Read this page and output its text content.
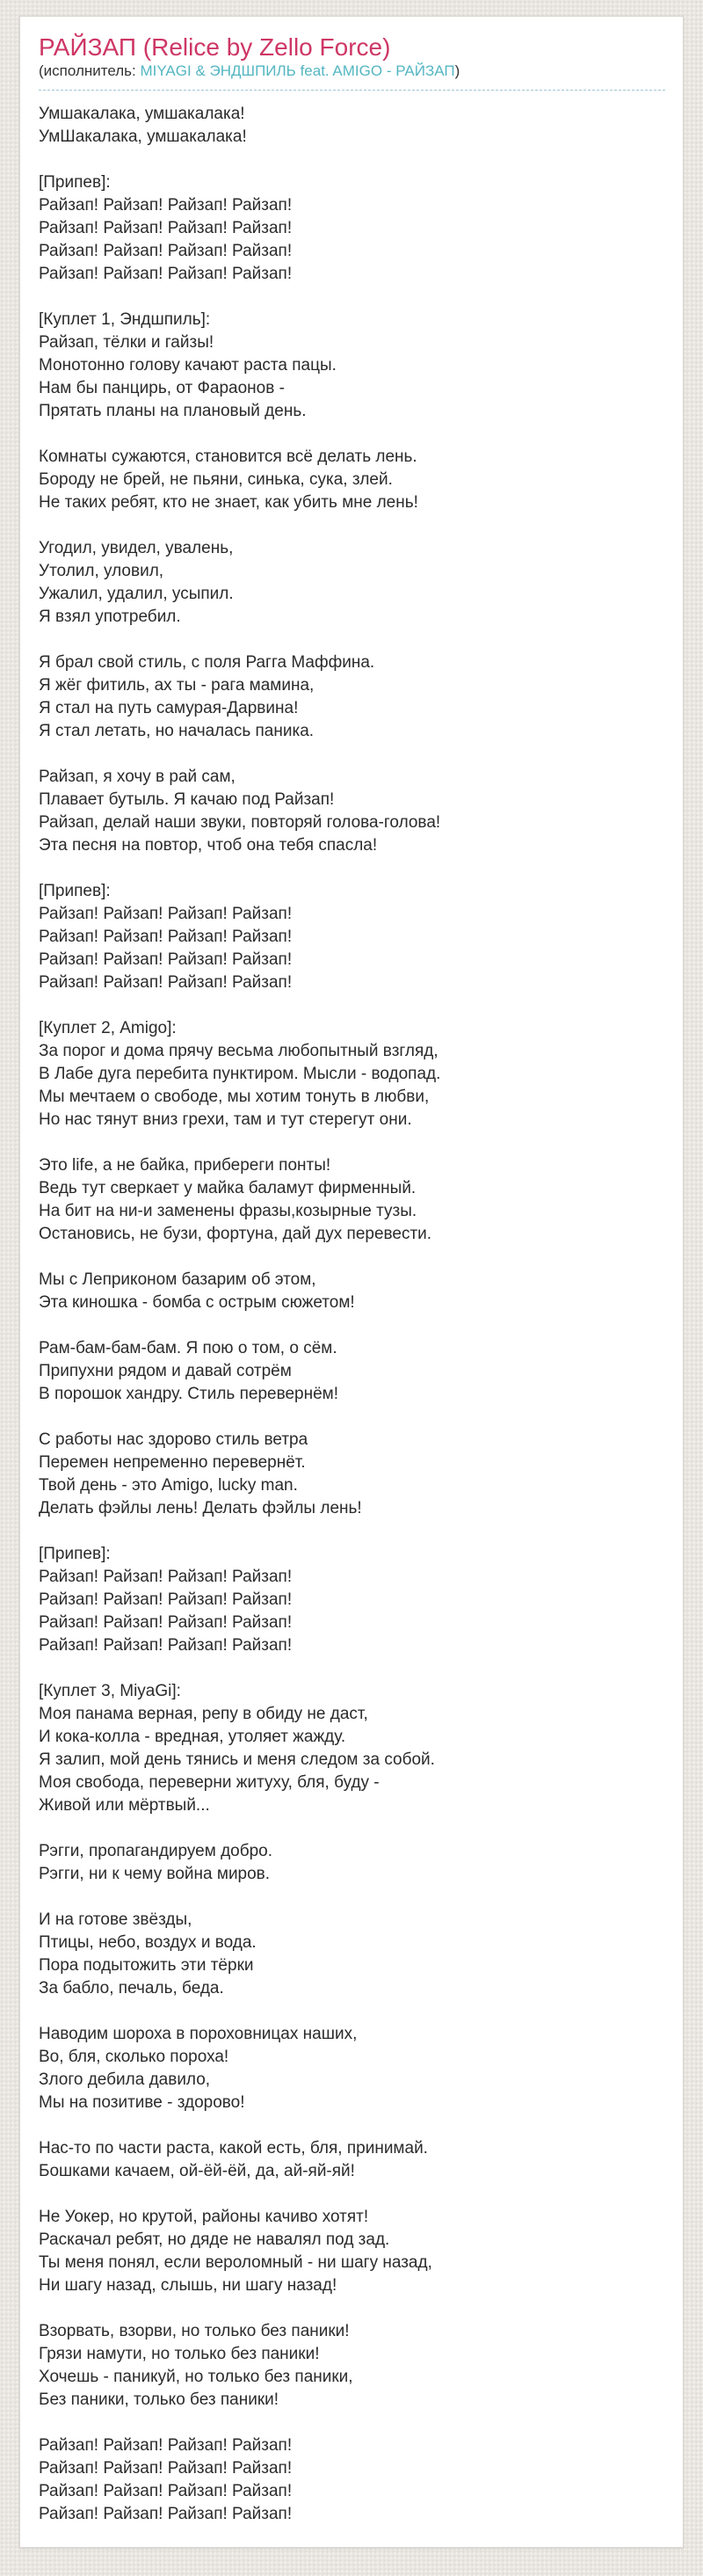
РАЙЗАП (Relice by Zello Force)

(исполнитель: MIYAGI & ЭНДШПИЛЬ feat. AMIGO - РАЙЗАП)

Умшакалака, умшакалака!
УмШакалака, умшакалака!
[Припев]:
Райзап! Райзап! Райзап! Райзап!
Райзап! Райзап! Райзап! Райзап!
Райзап! Райзап! Райзап! Райзап!
Райзап! Райзап! Райзап! Райзап!
[Куплет 1, Эндшпиль]:
Райзап, тёлки и гайзы!
Монотонно голову качают раста пацы.
Нам бы панцирь, от Фараонов -
Прятать планы на плановый день.
Комнаты сужаются, становится всё делать лень.
Бороду не брей, не пьяни, синька, сука, злей.
Не таких ребят, кто не знает, как убить мне лень!
Угодил, увидел, увалень,
Утолил, уловил,
Ужалил, удалил, усыпил.
Я взял употребил.
Я брал свой стиль, с поля Рагга Маффина.
Я жёг фитиль, ах ты - рага мамина,
Я стал на путь самурая-Дарвина!
Я стал летать, но началась паника.
Райзап, я хочу в рай сам,
Плавает бутыль. Я качаю под Райзап!
Райзап, делай наши звуки, повторяй голова-голова!
Эта песня на повтор, чтоб она тебя спасла!
[Припев]:
Райзап! Райзап! Райзап! Райзап!
Райзап! Райзап! Райзап! Райзап!
Райзап! Райзап! Райзап! Райзап!
Райзап! Райзап! Райзап! Райзап!
[Куплет 2, Amigo]:
За порог и дома прячу весьма любопытный взгляд,
В Лабе дуга перебита пунктиром. Мысли - водопад.
Мы мечтаем о свободе, мы хотим тонуть в любви,
Но нас тянут вниз грехи, там и тут стерегут они.
Это life, а не байка, прибереги понты!
Ведь тут сверкает у майка баламут фирменный.
На бит на ни-и заменены фразы,козырные тузы.
Остановись, не бузи, фортуна, дай дух перевести.
Мы с Леприконом базарим об этом,
Эта киношка - бомба с острым сюжетом!
Рам-бам-бам-бам. Я пою о том, о сём.
Припухни рядом и давай сотрём
В порошок хандру. Стиль перевернём!
С работы нас здорово стиль ветра
Перемен непременно перевернёт.
Твой день - это Amigo, lucky man.
Делать фэйлы лень! Делать фэйлы лень!
[Припев]:
Райзап! Райзап! Райзап! Райзап!
Райзап! Райзап! Райзап! Райзап!
Райзап! Райзап! Райзап! Райзап!
Райзап! Райзап! Райзап! Райзап!
[Куплет 3, MiyaGi]:
Моя панама верная, репу в обиду не даст,
И кока-колла - вредная, утоляет жажду.
Я залип, мой день тянись и меня следом за собой.
Моя свобода, переверни житуху, бля, буду -
Живой или мёртвый...
Рэгги, пропагандируем добро.
Рэгги, ни к чему война миров.
И на готове звёзды,
Птицы, небо, воздух и вода.
Пора подытожить эти тёрки
За бабло, печаль, беда.
Наводим шороха в пороховницах наших,
Во, бля, сколько пороха!
Злого дебила давило,
Мы на позитиве - здорово!
Нас-то по части раста, какой есть, бля, принимай.
Бошками качаем, ой-ёй-ёй, да, ай-яй-яй!
Не Уокер, но крутой, районы качиво хотят!
Раскачал ребят, но дяде не навалял под зад.
Ты меня понял, если вероломный - ни шагу назад,
Ни шагу назад, слышь, ни шагу назад!
Взорвать, взорви, но только без паники!
Грязи намути, но только без паники!
Хочешь - паникуй, но только без паники,
Без паники, только без паники!
Райзап! Райзап! Райзап! Райзап!
Райзап! Райзап! Райзап! Райзап!
Райзап! Райзап! Райзап! Райзап!
Райзап! Райзап! Райзап! Райзап!
